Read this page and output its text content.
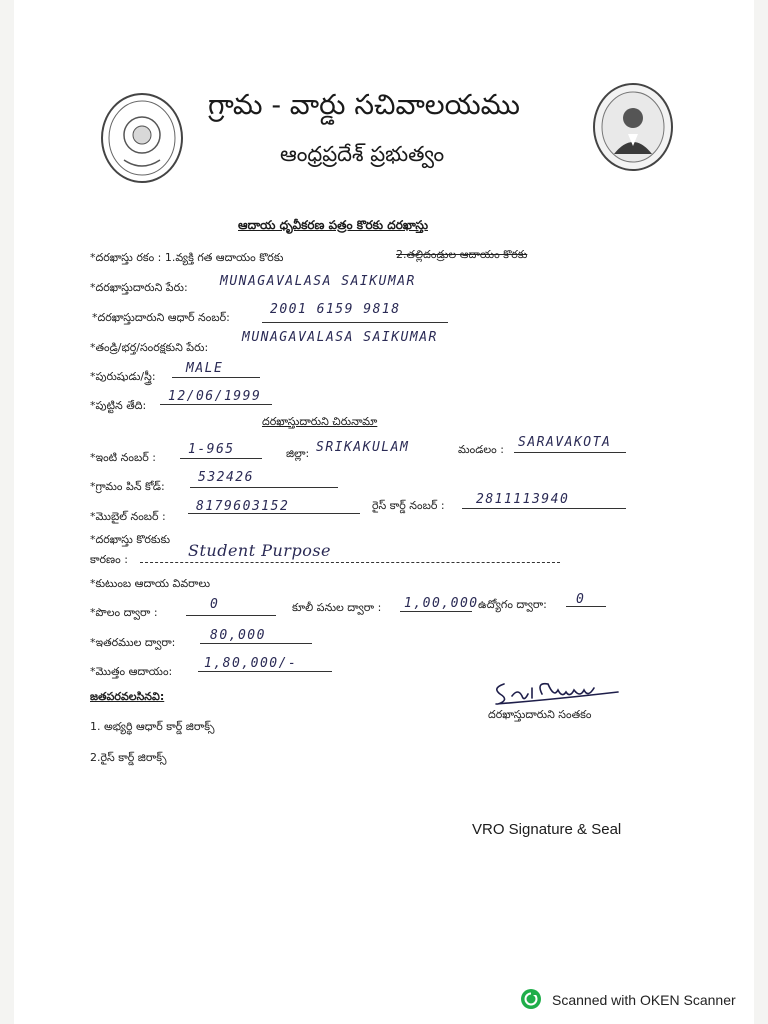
గ్రామ - వార్డు సచివాలయము
ఆంధ్రప్రదేశ్ ప్రభుత్వం
ఆదాయ ధృవీకరణ పత్రం కొరకు దరఖాస్తు
*దరఖాస్తు రకం : 1.వ్యక్తి గత ఆదాయం కొరకు	2.తల్లిదండ్రుల ఆదాయం కొరకు
*దరఖాస్తుదారుని పేరు: MUNAGAVALASA SAIKUMAR
*దరఖాస్తుదారుని ఆధార్ నంబర్:
2001 6159 9818
*తండ్రి/భర్త/సంరక్షకుని పేరు:
MUNAGAVALASA SAIKUMAR
*పురుషుడు/స్త్రీ:
MALE
*పుట్టిన తేది:
12/06/1999
దరఖాస్తుదారుని చిరునామా
*ఇంటి నంబర్ :
1-965	జిల్లా: SRIKAKULAM	మండలం : SARAVAKOTA
*గ్రామం పిన్ కోడ్:
532426
*మొబైల్ నంబర్ :
8179603152	రైస్ కార్డ్ నంబర్ : 2811113940
*దరఖాస్తు కొరకుకు
కారణం :	Student Purpose
*కుటుంబ ఆదాయ వివరాలు
*పొలం ద్వారా :
0	కూలీ పనుల ద్వారా : 1,00,000 ఉద్యోగం ద్వారా: 0
*ఇతరముల ద్వారా:	80,000
*మొత్తం ఆదాయం:
1,80,000/-
జతపరవలసినవి:
1. అభ్యర్థి ఆధార్ కార్డ్ జిరాక్స్
2.రైస్ కార్డ్ జిరాక్స్
దరఖాస్తుదారుని సంతకం
VRO Signature & Seal
Scanned with OKEN Scanner
